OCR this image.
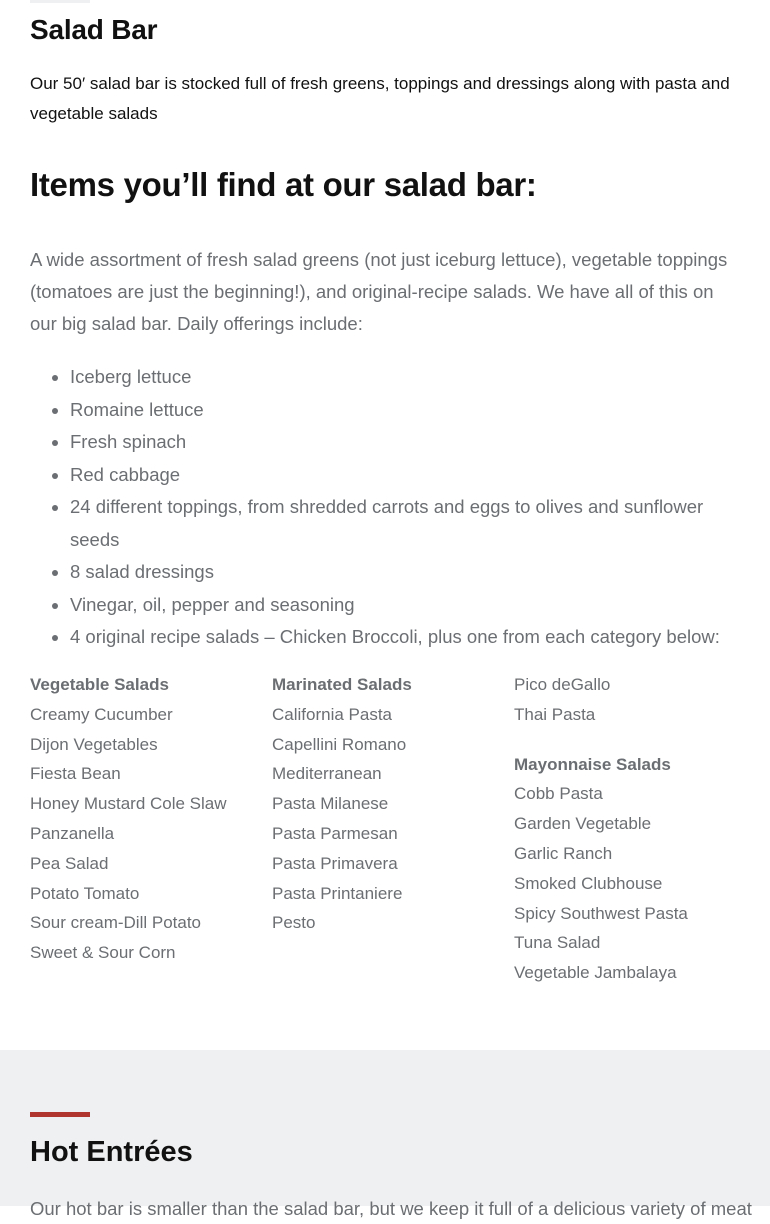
Salad Bar

Our 50′ salad bar is stocked full of fresh greens, toppings and dressings along with pasta and vegetable salads

Items you’ll find at our salad bar:

A wide assortment of fresh salad greens (not just iceburg lettuce), vegetable toppings (tomatoes are just the beginning!), and original-recipe salads. We have all of this on our big salad bar. Daily offerings include:

• Iceberg lettuce
• Romaine lettuce
• Fresh spinach
• Red cabbage
• 24 different toppings, from shredded carrots and eggs to olives and sunflower seeds
• 8 salad dressings
• Vinegar, oil, pepper and seasoning
• 4 original recipe salads – Chicken Broccoli, plus one from each category below:
Vegetable Salads
Creamy Cucumber
Dijon Vegetables
Fiesta Bean
Honey Mustard Cole Slaw
Panzanella
Pea Salad
Potato Tomato
Sour cream-Dill Potato
Sweet & Sour Corn
Marinated Salads
California Pasta
Capellini Romano
Mediterranean
Pasta Milanese
Pasta Parmesan
Pasta Primavera
Pasta Printaniere
Pesto
Pico deGallo
Thai Pasta
Mayonnaise Salads
Cobb Pasta
Garden Vegetable
Garlic Ranch
Smoked Clubhouse
Spicy Southwest Pasta
Tuna Salad
Vegetable Jambalaya
Hot Entrées

Our hot bar is smaller than the salad bar, but we keep it full of a delicious variety of meat
